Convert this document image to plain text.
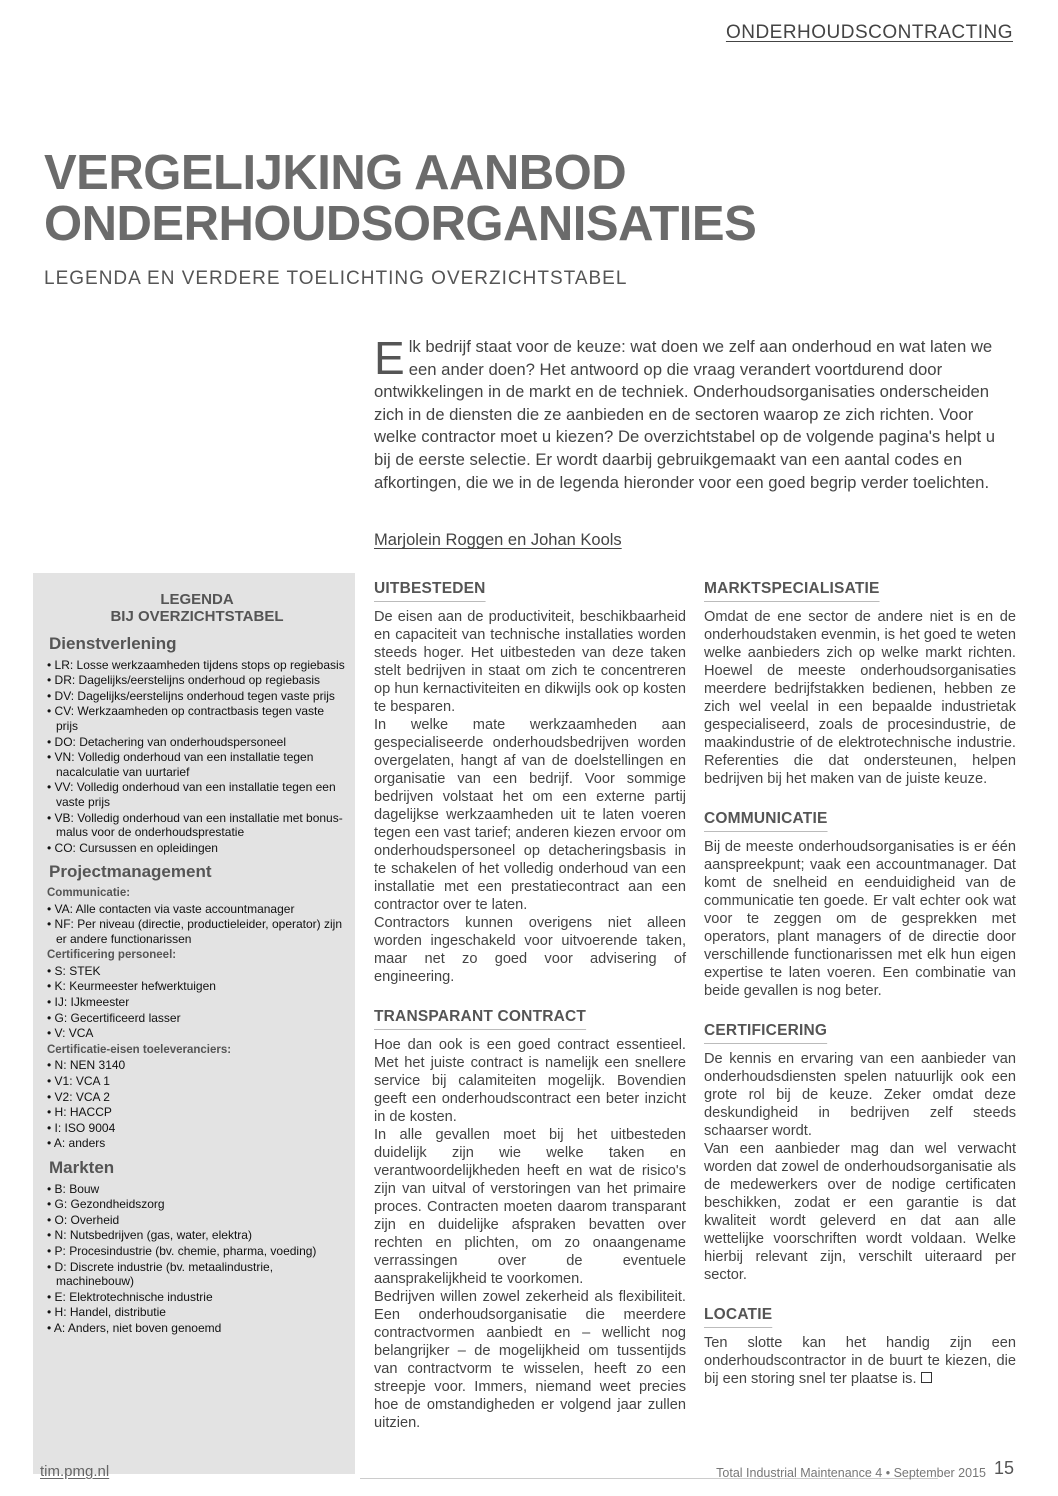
ONDERHOUDSCONTRACTING
VERGELIJKING AANBOD
ONDERHOUDSORGANISATIES
LEGENDA EN VERDERE TOELICHTING OVERZICHTSTABEL
Elk bedrijf staat voor de keuze: wat doen we zelf aan onderhoud en wat laten we een ander doen? Het antwoord op die vraag verandert voortdurend door ontwikkelingen in de markt en de techniek. Onderhoudsorganisaties onderscheiden zich in de diensten die ze aanbieden en de sectoren waarop ze zich richten. Voor welke contractor moet u kiezen? De overzichtstabel op de volgende pagina's helpt u bij de eerste selectie. Er wordt daarbij gebruikgemaakt van een aantal codes en afkortingen, die we in de legenda hieronder voor een goed begrip verder toelichten.
Marjolein Roggen en Johan Kools
LEGENDA
BIJ OVERZICHTSTABEL
Dienstverlening
• LR: Losse werkzaamheden tijdens stops op regiebasis
• DR: Dagelijks/eerstelijns onderhoud op regiebasis
• DV: Dagelijks/eerstelijns onderhoud tegen vaste prijs
• CV: Werkzaamheden op contractbasis tegen vaste prijs
• DO: Detachering van onderhoudspersoneel
• VN: Volledig onderhoud van een installatie tegen nacalculatie van uurtarief
• VV: Volledig onderhoud van een installatie tegen een vaste prijs
• VB: Volledig onderhoud van een installatie met bonus-malus voor de onderhoudsprestatie
• CO: Cursussen en opleidingen
Projectmanagement
Communicatie:
• VA: Alle contacten via vaste accountmanager
• NF: Per niveau (directie, productieleider, operator) zijn er andere functionarissen
Certificering personeel:
• S: STEK
• K: Keurmeester hefwerktuigen
• IJ: IJkmeester
• G: Gecertificeerd lasser
• V: VCA
Certificatie-eisen toeleveranciers:
• N: NEN 3140
• V1: VCA 1
• V2: VCA 2
• H: HACCP
• I: ISO 9004
• A: anders
Markten
• B: Bouw
• G: Gezondheidszorg
• O: Overheid
• N: Nutsbedrijven (gas, water, elektra)
• P: Procesindustrie (bv. chemie, pharma, voeding)
• D: Discrete industrie (bv. metaalindustrie, machinebouw)
• E: Elektrotechnische industrie
• H: Handel, distributie
• A: Anders, niet boven genoemd
UITBESTEDEN

De eisen aan de productiviteit, beschikbaarheid en capaciteit van technische installaties worden steeds hoger. Het uitbesteden van deze taken stelt bedrijven in staat om zich te concentreren op hun kernactiviteiten en dikwijls ook op kosten te besparen.

In welke mate werkzaamheden aan gespecialiseerde onderhoudsbedrijven worden overgelaten, hangt af van de doelstellingen en organisatie van een bedrijf. Voor sommige bedrijven volstaat het om een externe partij dagelijkse werkzaamheden uit te laten voeren tegen een vast tarief; anderen kiezen ervoor om onderhoudspersoneel op detacheringsbasis in te schakelen of het volledig onderhoud van een installatie met een prestatiecontract aan een contractor over te laten.

Contractors kunnen overigens niet alleen worden ingeschakeld voor uitvoerende taken, maar net zo goed voor advisering of engineering.

TRANSPARANT CONTRACT

Hoe dan ook is een goed contract essentieel. Met het juiste contract is namelijk een snellere service bij calamiteiten mogelijk. Bovendien geeft een onderhoudscontract een beter inzicht in de kosten.

In alle gevallen moet bij het uitbesteden duidelijk zijn wie welke taken en verantwoordelijkheden heeft en wat de risico's zijn van uitval of verstoringen van het primaire proces. Contracten moeten daarom transparant zijn en duidelijke afspraken bevatten over rechten en plichten, om zo onaangename verrassingen over de eventuele aansprakelijkheid te voorkomen.

Bedrijven willen zowel zekerheid als flexibiliteit. Een onderhoudsorganisatie die meerdere contractvormen aanbiedt en – wellicht nog belangrijker – de mogelijkheid om tussentijds van contractvorm te wisselen, heeft zo een streepje voor. Immers, niemand weet precies hoe de omstandigheden er volgend jaar zullen uitzien.

MARKTSPECIALISATIE

Omdat de ene sector de andere niet is en de onderhoudstaken evenmin, is het goed te weten welke aanbieders zich op welke markt richten. Hoewel de meeste onderhoudsorganisaties meerdere bedrijfstakken bedienen, hebben ze zich wel veelal in een bepaalde industrietak gespecialiseerd, zoals de procesindustrie, de maakindustrie of de elektrotechnische industrie. Referenties die dat ondersteunen, helpen bedrijven bij het maken van de juiste keuze.

COMMUNICATIE

Bij de meeste onderhoudsorganisaties is er één aanspreekpunt; vaak een accountmanager. Dat komt de snelheid en eenduidigheid van de communicatie ten goede. Er valt echter ook wat voor te zeggen om de gesprekken met operators, plant managers of de directie door verschillende functionarissen met elk hun eigen expertise te laten voeren. Een combinatie van beide gevallen is nog beter.

CERTIFICERING

De kennis en ervaring van een aanbieder van onderhoudsdiensten spelen natuurlijk ook een grote rol bij de keuze. Zeker omdat deze deskundigheid in bedrijven zelf steeds schaarser wordt.

Van een aanbieder mag dan wel verwacht worden dat zowel de onderhoudsorganisatie als de medewerkers over de nodige certificaten beschikken, zodat er een garantie is dat kwaliteit wordt geleverd en dat aan alle wettelijke voorschriften wordt voldaan. Welke hierbij relevant zijn, verschilt uiteraard per sector.

LOCATIE

Ten slotte kan het handig zijn een onderhoudscontractor in de buurt te kiezen, die bij een storing snel ter plaatse is.

tim.pmg.nl	Total Industrial Maintenance 4 • September 2015 15
